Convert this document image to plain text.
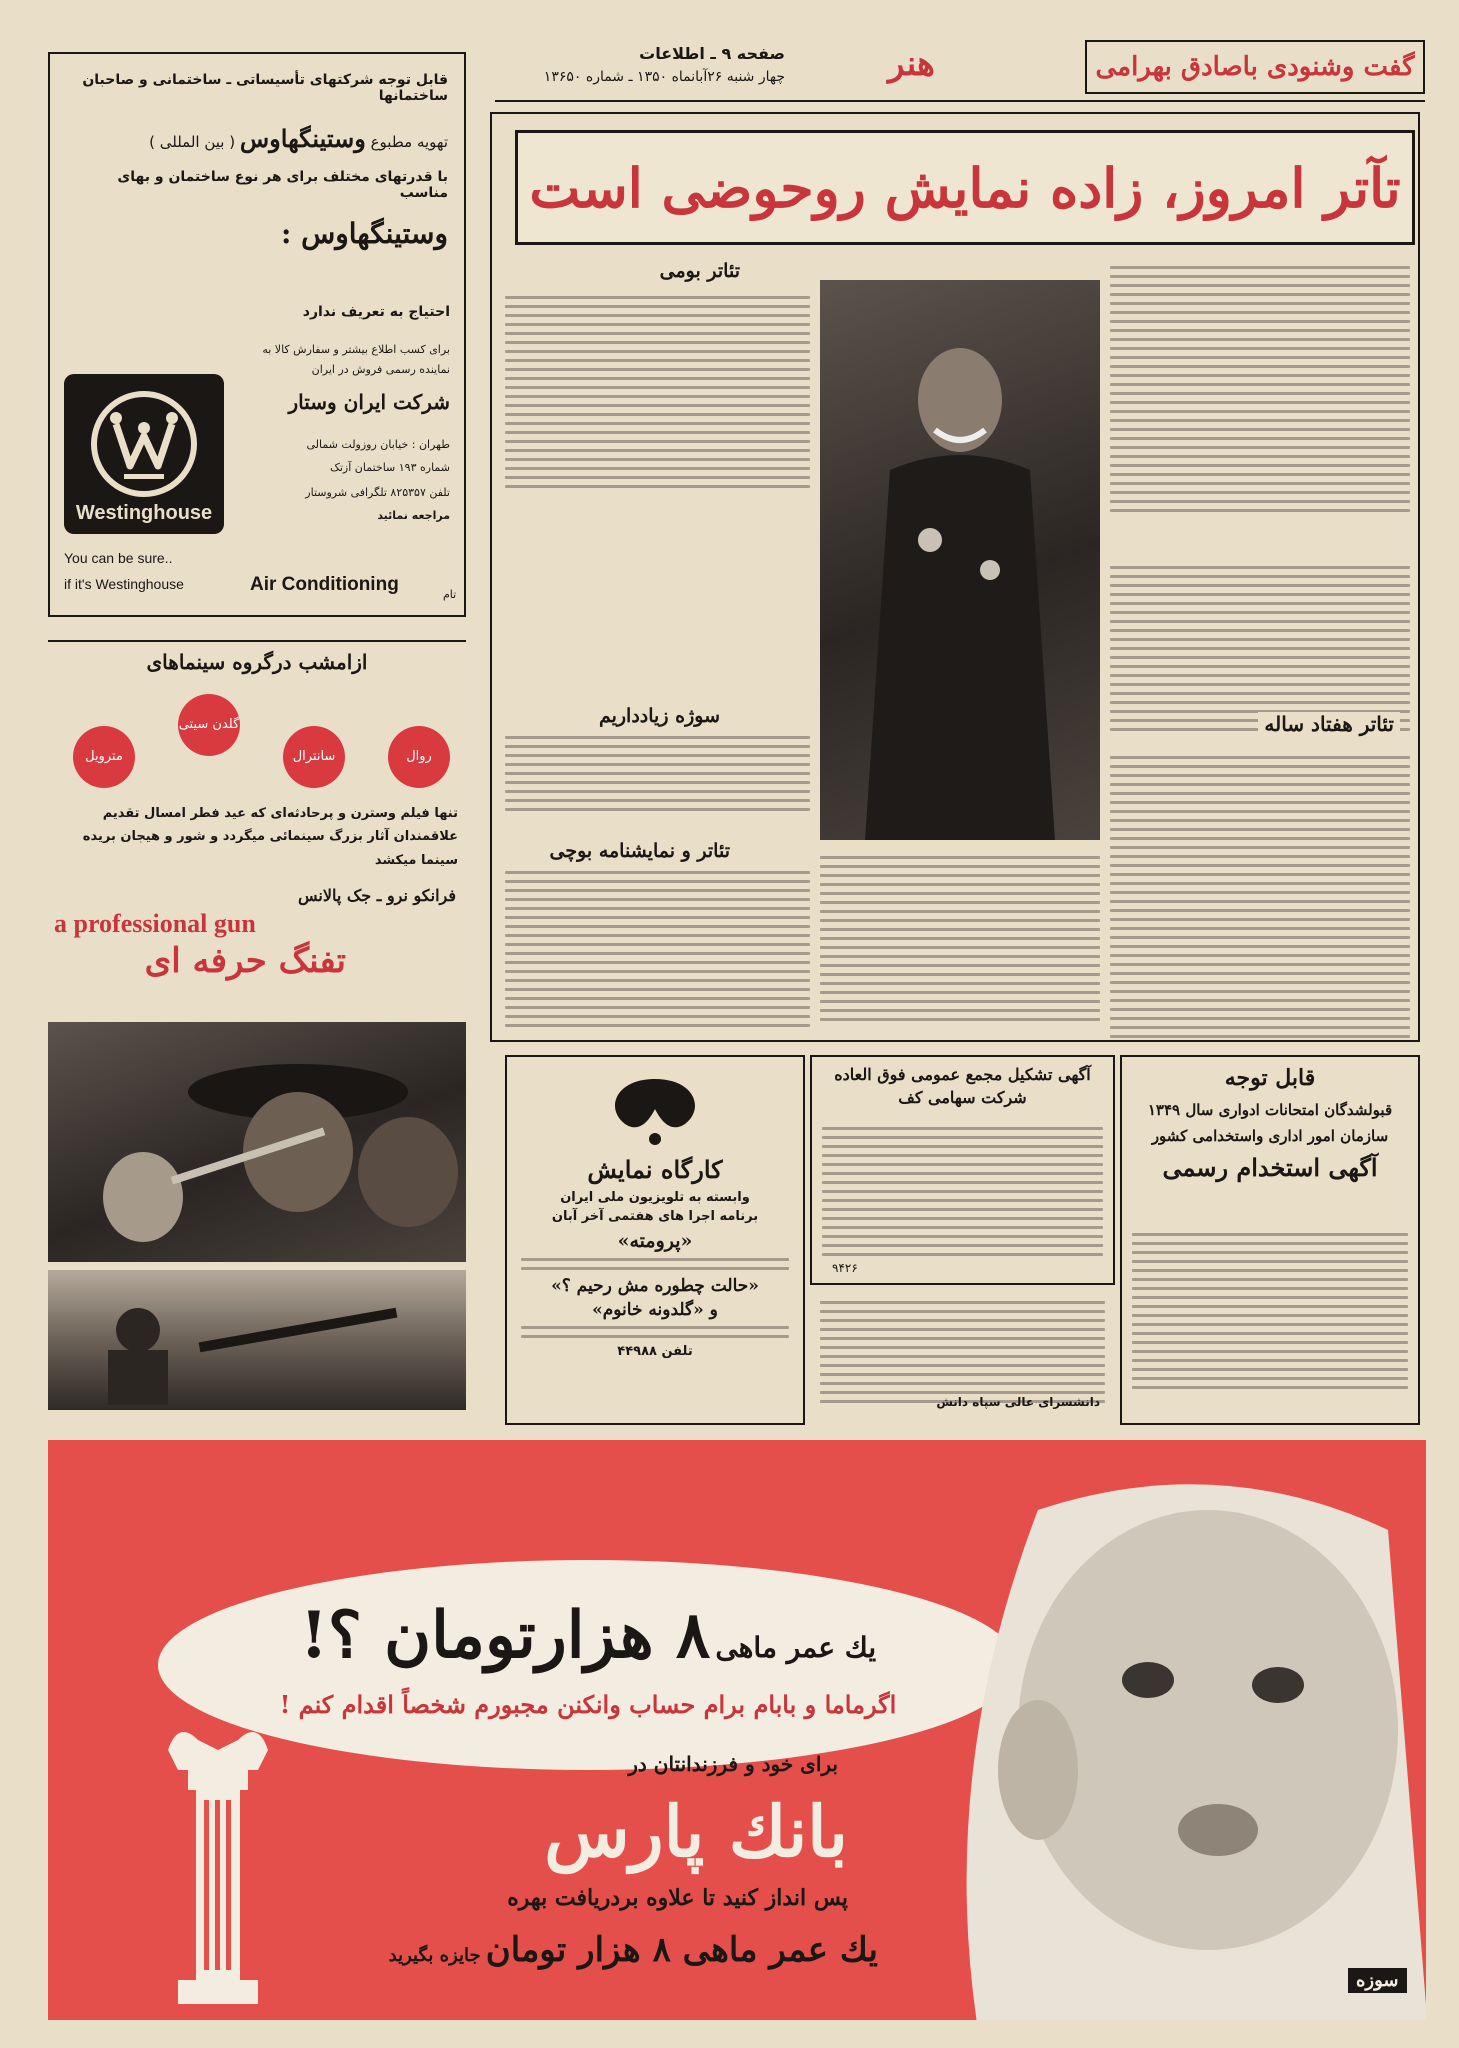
گفت وشنودی باصادق بهرامی
هنر
صفحه ۹ ـ اطلاعات
چهار شنبه ۲۶آبانماه ۱۳۵۰ ـ شماره ۱۳۶۵۰
تآتر امروز، زاده نمایش روحوضی است
تئاتر هفتاد ساله
تئاتر بومی
سوژه زیادداریم
تئاتر و نمایشنامه بوچی
قابل توجه شرکتهای تأسیساتی ـ ساختمانی و صاحبان ساختمانها
تهویه مطبوع وستینگهاوس ( بین المللی )
با قدرتهای مختلف برای هر نوع ساختمان و بهای مناسب
وستینگهاوس :
احتیاج به تعریف ندارد
برای کسب اطلاع بیشتر و سفارش کالا به نماینده رسمی فروش در ایران
شرکت ایران وستار
طهران : خیابان روزولت شمالی
شماره ۱۹۳ ساختمان آزتک
تلفن ۸۲۵۳۵۷ تلگرافی شروستار
مراجعه نمائید
Westinghouse
You can be sure..
if it's Westinghouse	Air Conditioning	تام
ازامشب درگروه سینماهای
روال
سانترال
گلدن سیتی
مترویل
تنها فیلم وسترن و پرحادثه‌ای که عید فطر امسال تقدیم علاقمندان آثار بزرگ سینمائی میگردد و شور و هیجان بریده سینما میکشد
فرانکو نرو ـ جک پالانس
a professional gun
تفنگ حرفه ای
کارگاه نمایش
وابسته به تلویزیون ملی ایران
برنامه اجرا های هفتمی آخر آبان
«پرومته»
«حالت چطوره مش رحیم ؟»
و «گلدونه خانوم»
تلفن ۴۴۹۸۸
آگهی تشکیل مجمع عمومی فوق العاده
شرکت سهامی کف
۹۴۲۶
قابل توجه
قبولشدگان امتحانات ادواری سال ۱۳۴۹
سازمان امور اداری واستخدامی کشور
آگهی استخدام رسمی
دانشسرای عالی سپاه دانش
یك عمر ماهی ۸ هزارتومان ؟!
اگرماما و بابام برام حساب وانکنن مجبورم شخصاً اقدام کنم !
سوزه
برای خود و فرزندانتان در
بانك پارس
پس انداز کنید تا علاوه بردریافت بهره
یك عمر ماهی ۸ هزار تومان جایزه بگیرید
